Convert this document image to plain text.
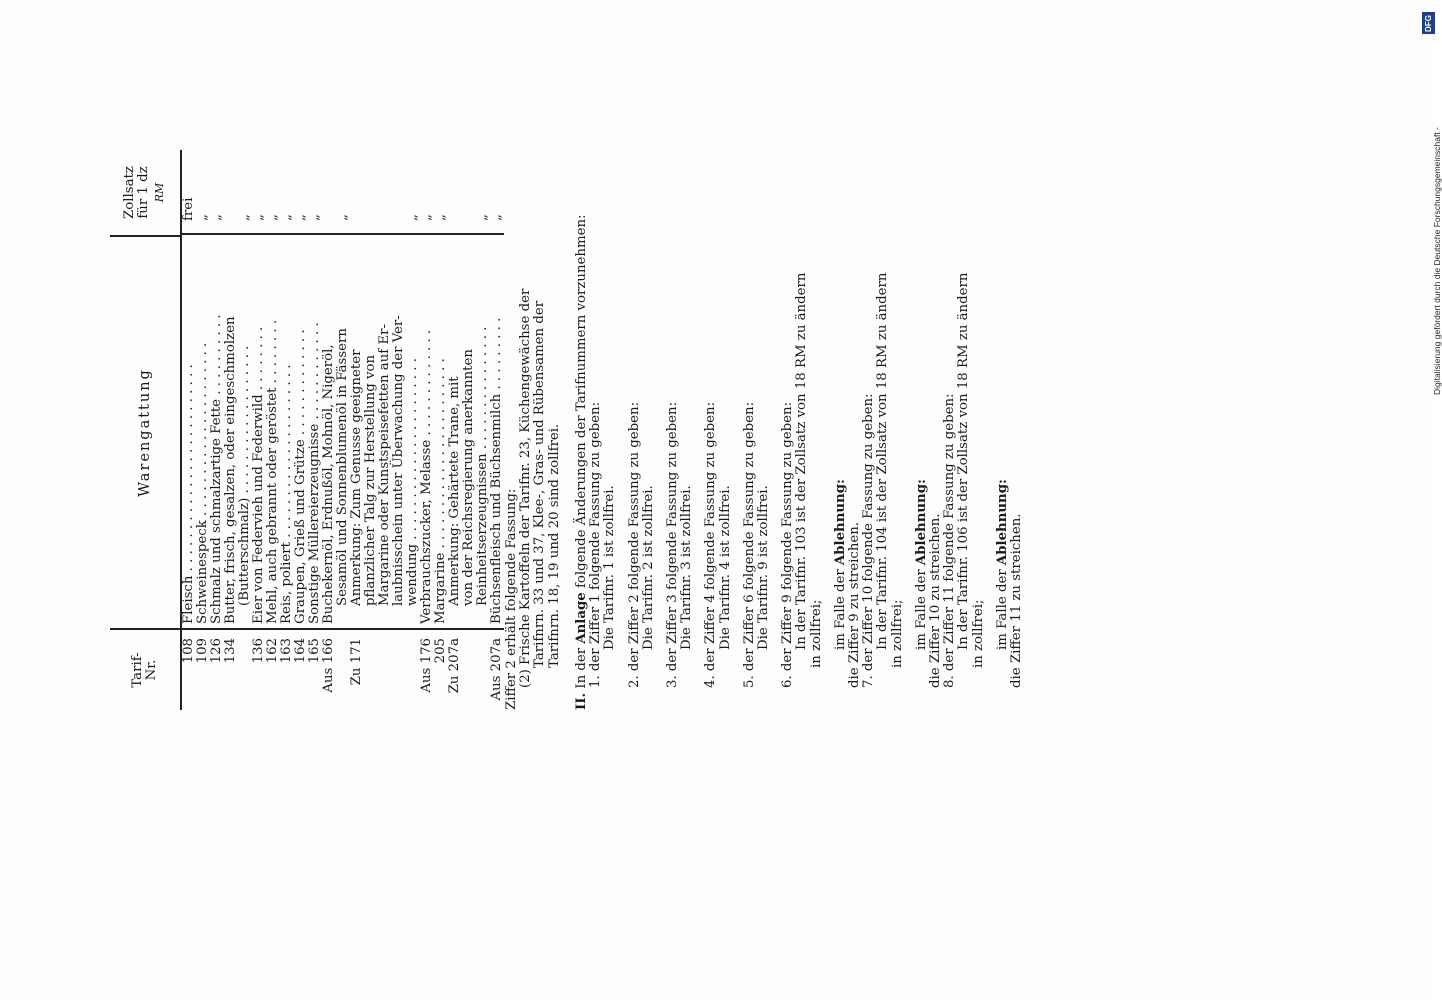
Tarif-
Nr.
Warengattung
Zollsatz für 1 dz RM
108
Fleisch . . . . . . . . . . . . . . . . . . . . . . . . .
frei
109
Schweinespeck . . . . . . . . . . . . . . . . . . . . .
„
126
Schmalz und schmalzartige Fette . . . . . . . . . .
„
134
Butter, frisch, gesalzen, oder eingeschmolzen (Butterschmalz) . . . . . . . . . . . . . . . . . .
„
136
Eier von Federvieh und Federwild . . . . . . . .
„
162
Mehl, auch gebrannt oder geröstet . . . . . . . .
„
163
Reis, poliert . . . . . . . . . . . . . . . . . . . . .
„
164
Graupen, Grieß und Grütze . . . . . . . . . . . . .
„
165
Sonstige Müllereierzeugnisse . . . . . . . . . . . .
„
Aus 166
Buchekernöl, Erdnußöl, Mohnöl, Nigeröl, Sesamöl und Sonnenblumenöl in Fässern
„
Zu 171
Anmerkung: Zum Genusse geeigneter pflanzlicher Talg zur Herstellung von Margarine oder Kunstspeisefetten auf Er- laubnisschein unter Überwachung der Ver- wendung . . . . . . . . . . . . . . . . . . . . . .
„
Aus 176
Verbrauchszucker, Melasse . . . . . . . . . . . . .
„
205
Margarine . . . . . . . . . . . . . . . . . . . . . . .
„
Zu 207a
Anmerkung: Gehärtete Trane, mit von der Reichsregierung anerkannten Reinheitserzeugnissen . . . . . . . . . . . . . . .
„
Aus 207a
Büchsenfleisch und Büchsenmilch . . . . . . . . .
„
Ziffer 2 erhält folgende Fassung: (2) Frische Kartoffeln der Tarifnr. 23, Küchengewächse der Tarifnrn. 33 und 37, Klee-, Gras- und Rübensamen der Tarifnrn. 18, 19 und 20 sind zollfrei.
II. In der Anlage folgende Änderungen der Tarifnummern vorzunehmen:
1. der Ziffer 1 folgende Fassung zu geben: Die Tarifnr. 1 ist zollfrei.
2. der Ziffer 2 folgende Fassung zu geben: Die Tarifnr. 2 ist zollfrei.
3. der Ziffer 3 folgende Fassung zu geben: Die Tarifnr. 3 ist zollfrei.
4. der Ziffer 4 folgende Fassung zu geben: Die Tarifnr. 4 ist zollfrei.
5. der Ziffer 6 folgende Fassung zu geben: Die Tarifnr. 9 ist zollfrei.
6. der Ziffer 9 folgende Fassung zu geben: In der Tarifnr. 103 ist der Zollsatz von 18 RM zu ändern in zollfrei; im Falle der Ablehnung: die Ziffer 9 zu streichen. 7. der Ziffer 10 folgende Fassung zu geben: In der Tarifnr. 104 ist der Zollsatz von 18 RM zu ändern in zollfrei; im Falle der Ablehnung: die Ziffer 10 zu streichen. 8. der Ziffer 11 folgende Fassung zu geben: In der Tarifnr. 106 ist der Zollsatz von 18 RM zu ändern in zollfrei; im Falle der Ablehnung: die Ziffer 11 zu streichen.
DFG
Digitalisierung gefördert durch die Deutsche Forschungsgemeinschaft -
